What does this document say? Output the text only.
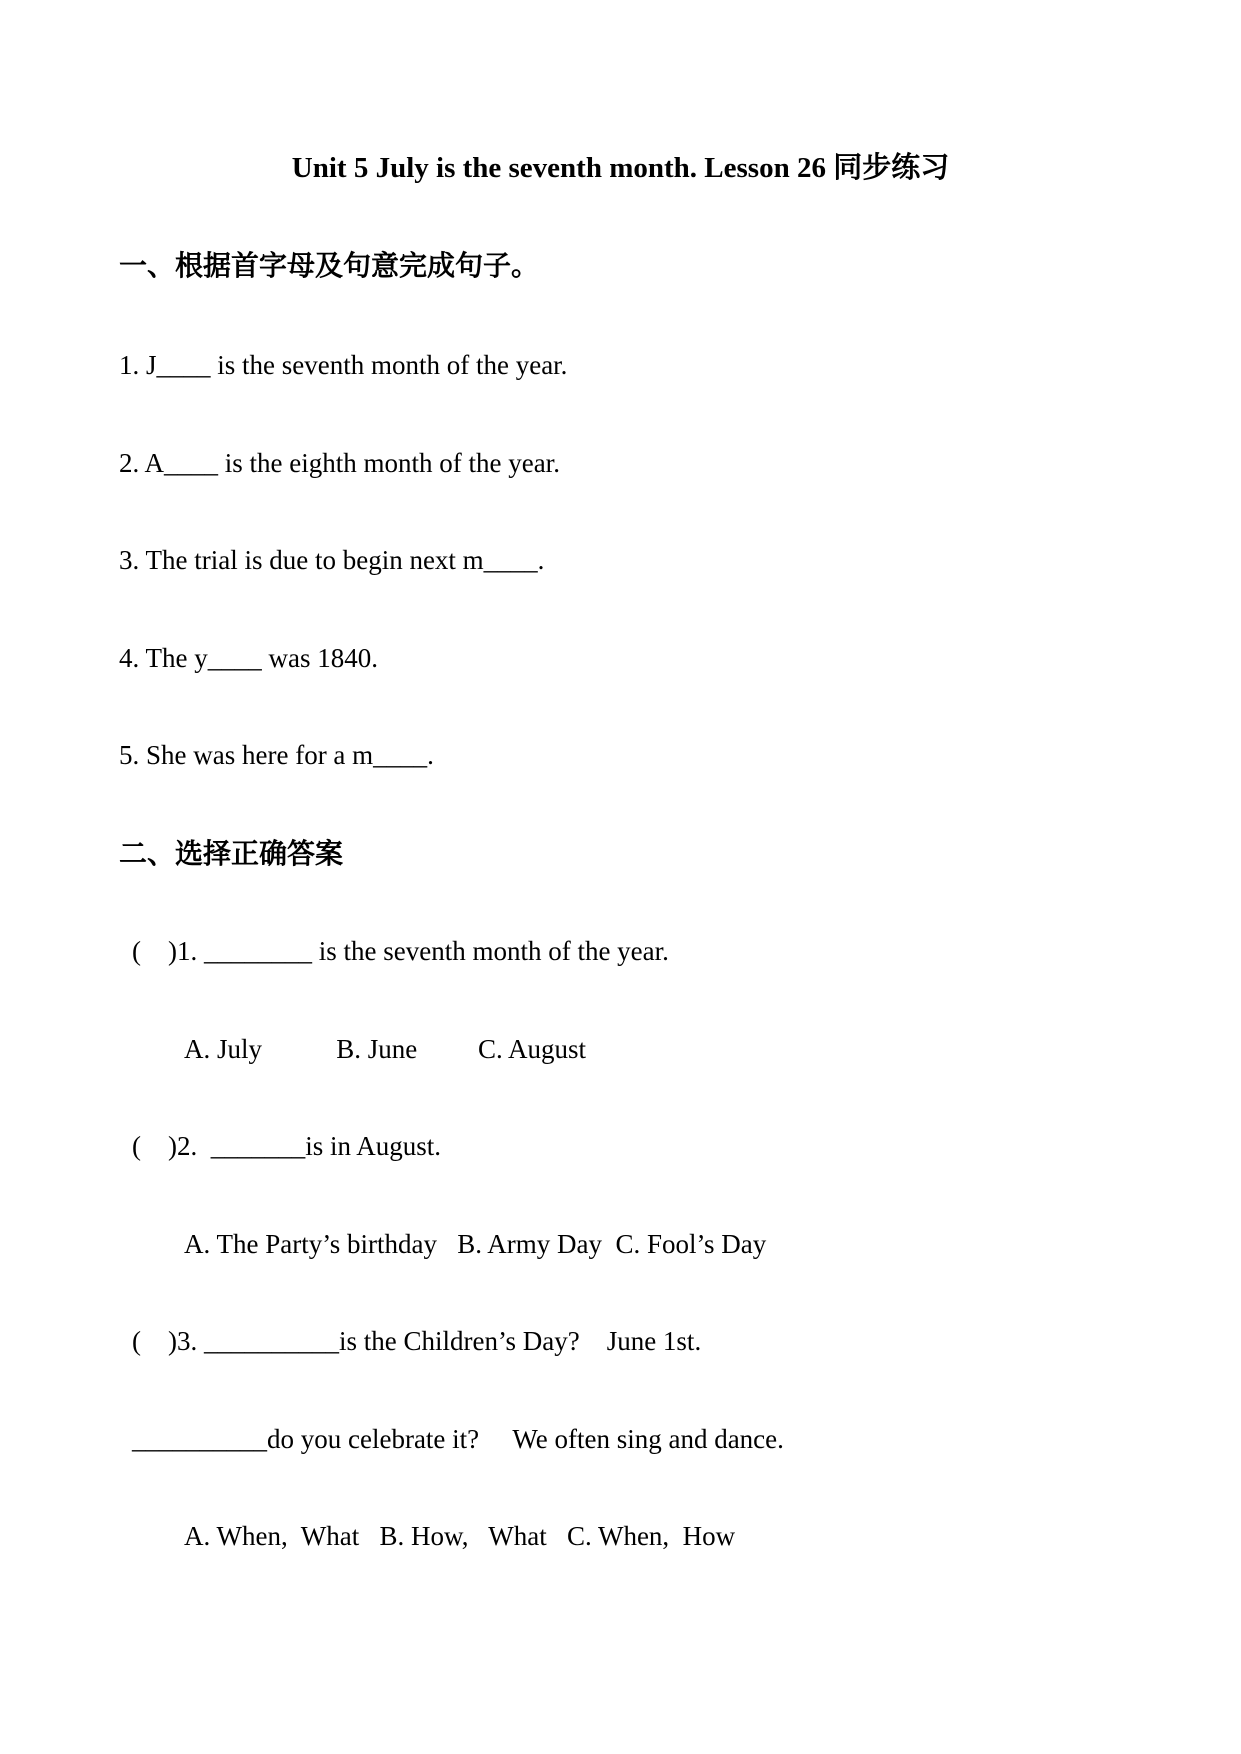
Unit 5 July is the seventh month. Lesson 26 同步练习
一、根据首字母及句意完成句子。
1. J____ is the seventh month of the year.
2. A____ is the eighth month of the year.
3. The trial is due to begin next m____.
4. The y____ was 1840.
5. She was here for a m____.
二、选择正确答案
(    )1. ________ is the seventh month of the year.
A. July           B. June         C. August
(    )2.  _______is in August.
A. The Party’s birthday   B. Army Day  C. Fool’s Day
(    )3. __________is the Children’s Day?    June 1st.
__________do you celebrate it?     We often sing and dance.
A. When,  What   B. How,   What   C. When,  How
